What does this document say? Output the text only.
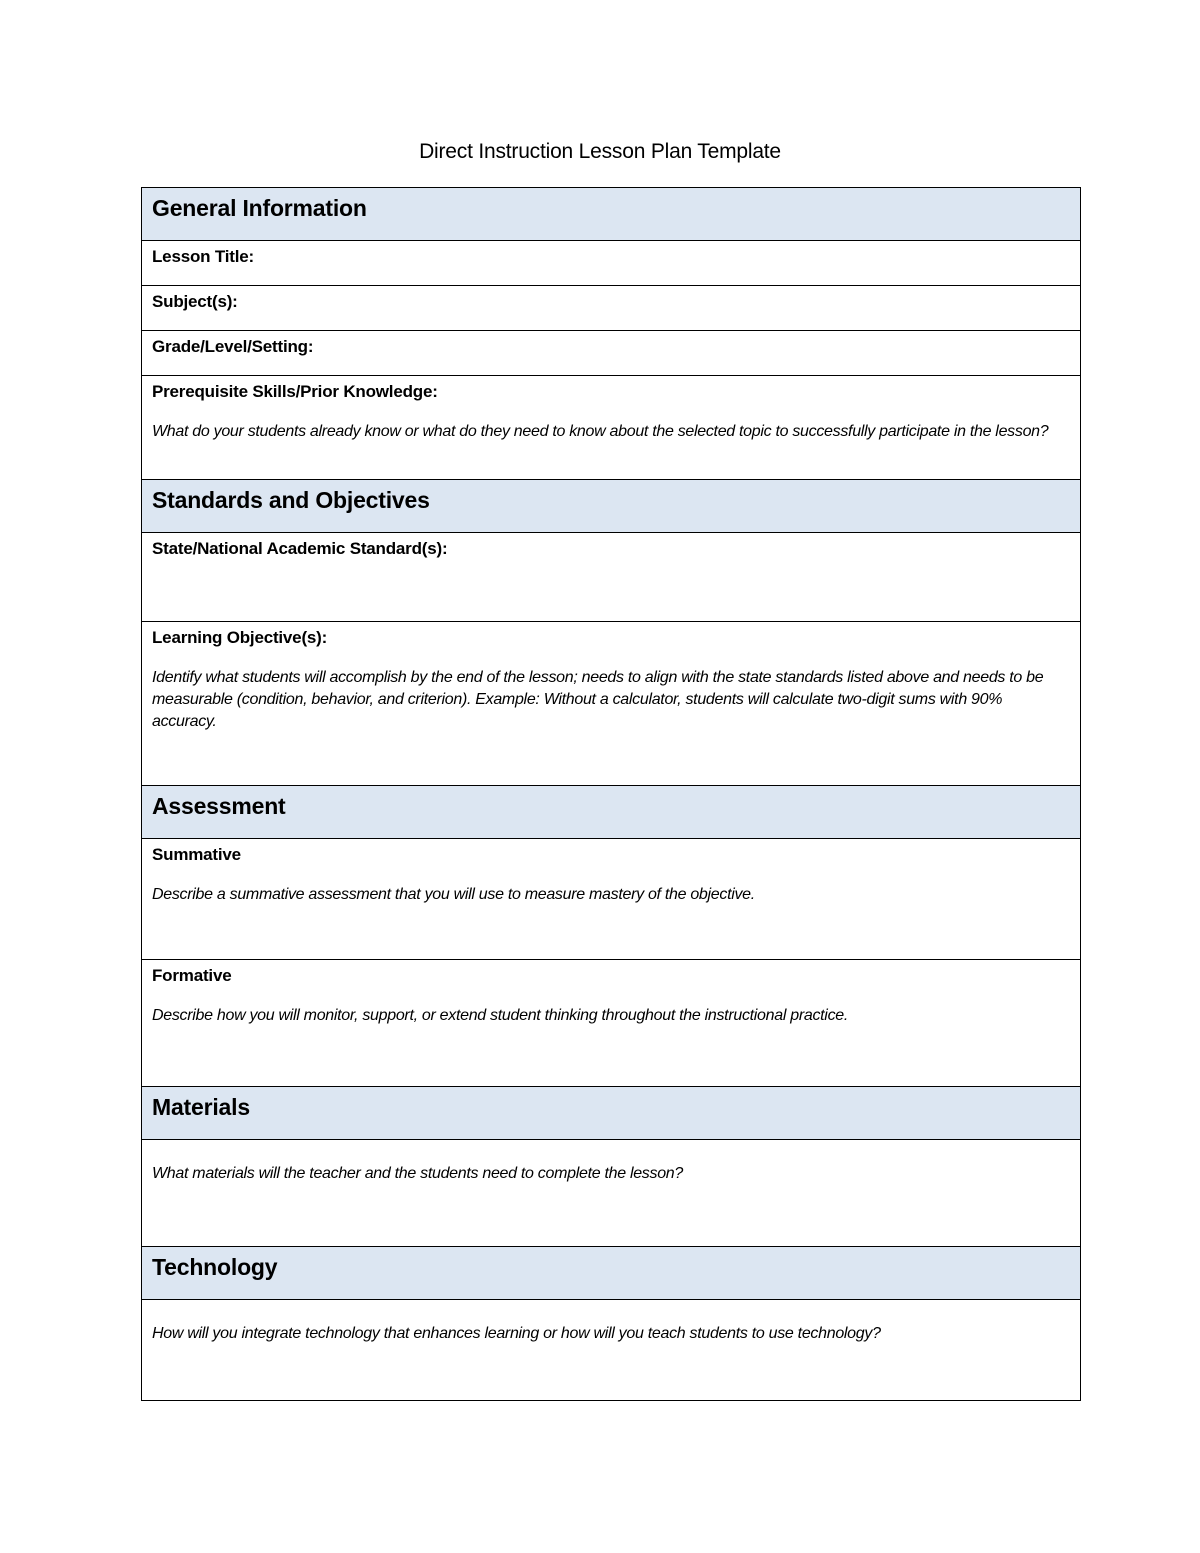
Direct Instruction Lesson Plan Template
General Information

Lesson Title:

Subject(s):

Grade/Level/Setting:

Prerequisite Skills/Prior Knowledge:
What do your students already know or what do they need to know about the selected topic to successfully participate in the lesson?

Standards and Objectives

State/National Academic Standard(s):

Learning Objective(s):
Identify what students will accomplish by the end of the lesson; needs to align with the state standards listed above and needs to be measurable (condition, behavior, and criterion). Example: Without a calculator, students will calculate two-digit sums with 90% accuracy.

Assessment

Summative
Describe a summative assessment that you will use to measure mastery of the objective.

Formative
Describe how you will monitor, support, or extend student thinking throughout the instructional practice.

Materials

What materials will the teacher and the students need to complete the lesson?

Technology

How will you integrate technology that enhances learning or how will you teach students to use technology?
